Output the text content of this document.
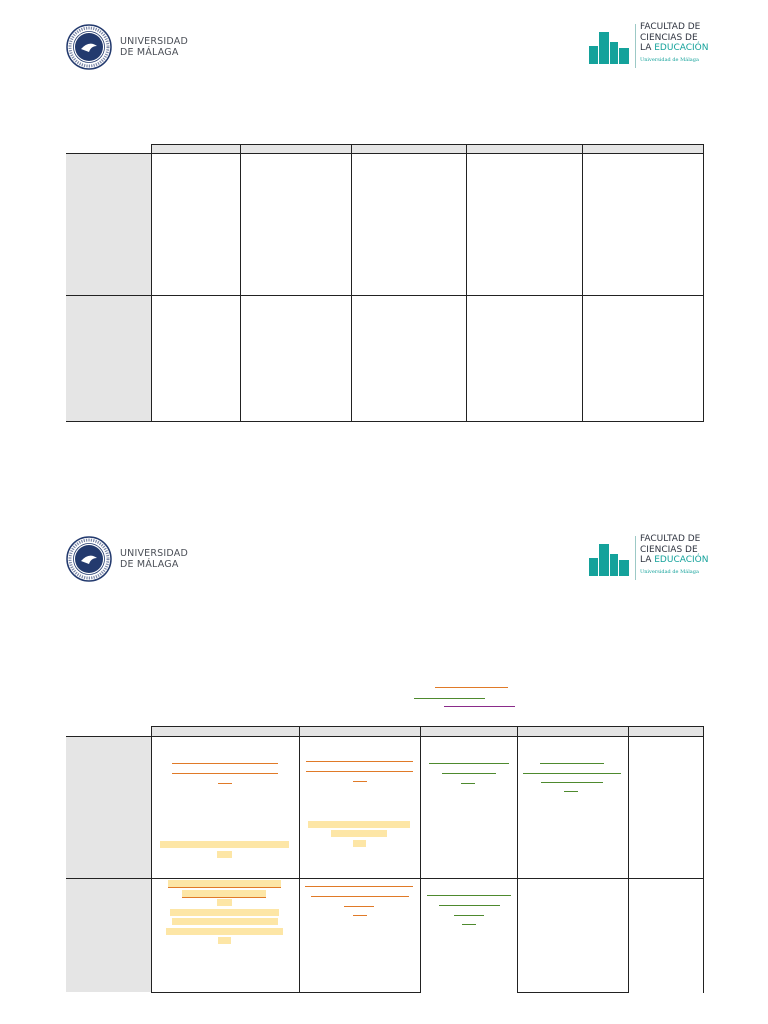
UNIVERSIDAD
DE MÁLAGA
FACULTAD DE
CIENCIAS DE
LA EDUCACIÓN
Universidad de Málaga
UNIVERSIDAD
DE MÁLAGA
FACULTAD DE
CIENCIAS DE
LA EDUCACIÓN
Universidad de Málaga
